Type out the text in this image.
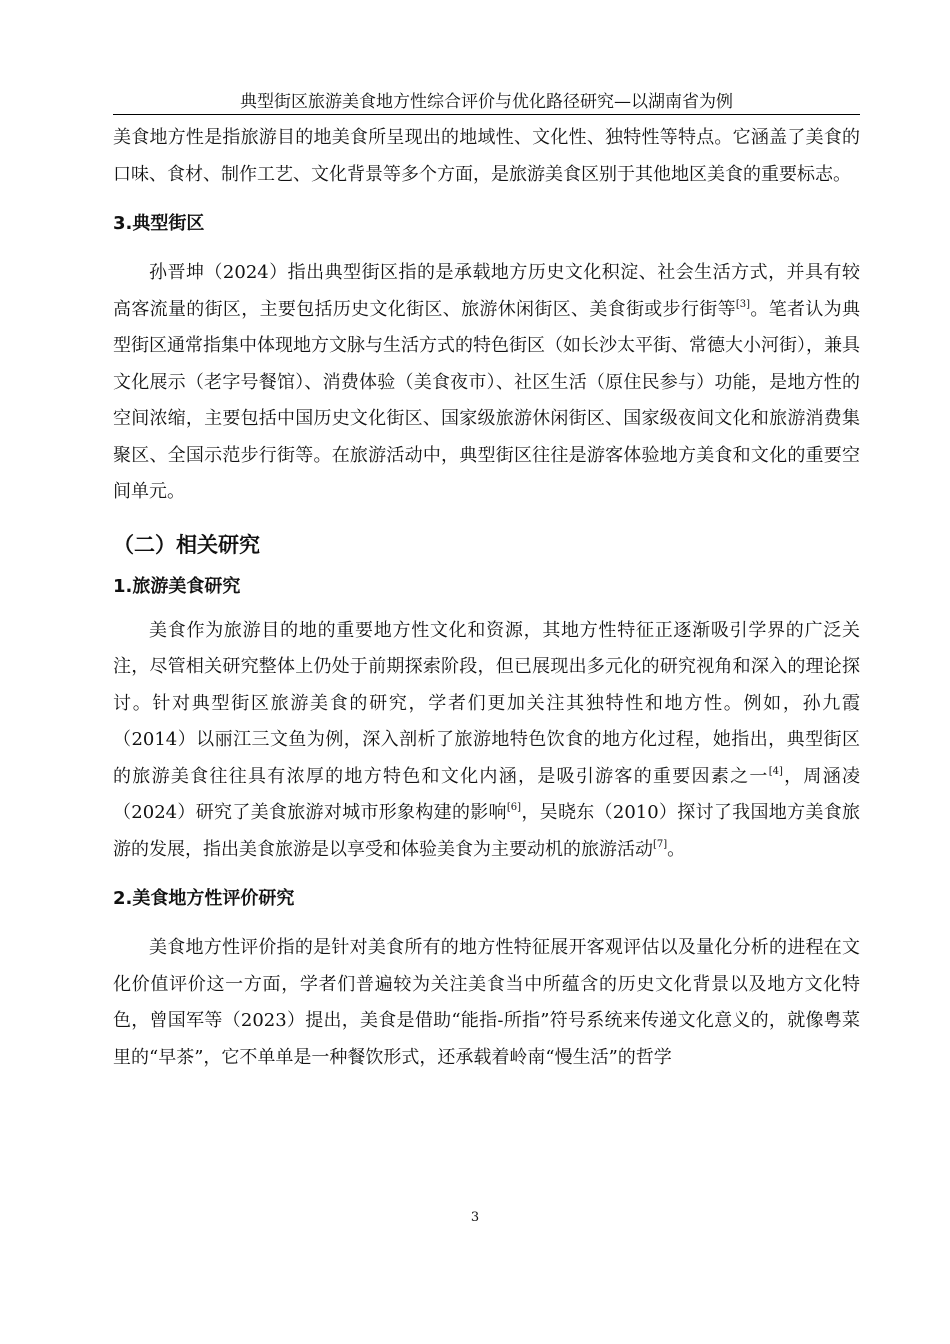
典型街区旅游美食地方性综合评价与优化路径研究—以湖南省为例

美食地方性是指旅游目的地美食所呈现出的地域性、文化性、独特性等特点。它涵盖了美食的口味、食材、制作工艺、文化背景等多个方面，是旅游美食区别于其他地区美食的重要标志。

3.典型街区

孙晋坤（2024）指出典型街区指的是承载地方历史文化积淀、社会生活方式，并具有较高客流量的街区，主要包括历史文化街区、旅游休闲街区、美食街或步行街等[3]。笔者认为典型街区通常指集中体现地方文脉与生活方式的特色街区（如长沙太平街、常德大小河街），兼具文化展示（老字号餐馆）、消费体验（美食夜市）、社区生活（原住民参与）功能，是地方性的空间浓缩，主要包括中国历史文化街区、国家级旅游休闲街区、国家级夜间文化和旅游消费集聚区、全国示范步行街等。在旅游活动中，典型街区往往是游客体验地方美食和文化的重要空间单元。

（二）相关研究
1.旅游美食研究

美食作为旅游目的地的重要地方性文化和资源，其地方性特征正逐渐吸引学界的广泛关注，尽管相关研究整体上仍处于前期探索阶段，但已展现出多元化的研究视角和深入的理论探讨。针对典型街区旅游美食的研究，学者们更加关注其独特性和地方性。例如，孙九霞（2014）以丽江三文鱼为例，深入剖析了旅游地特色饮食的地方化过程，她指出，典型街区的旅游美食往往具有浓厚的地方特色和文化内涵，是吸引游客的重要因素之一[4]，周涵凌（2024）研究了美食旅游对城市形象构建的影响[6]，吴晓东（2010）探讨了我国地方美食旅游的发展，指出美食旅游是以享受和体验美食为主要动机的旅游活动[7]。

2.美食地方性评价研究

美食地方性评价指的是针对美食所有的地方性特征展开客观评估以及量化分析的进程在文化价值评价这一方面，学者们普遍较为关注美食当中所蕴含的历史文化背景以及地方文化特色，曾国军等（2023）提出，美食是借助“能指-所指”符号系统来传递文化意义的，就像粤菜里的“早茶”，它不单单是一种餐饮形式，还承载着岭南“慢生活”的哲学

3
